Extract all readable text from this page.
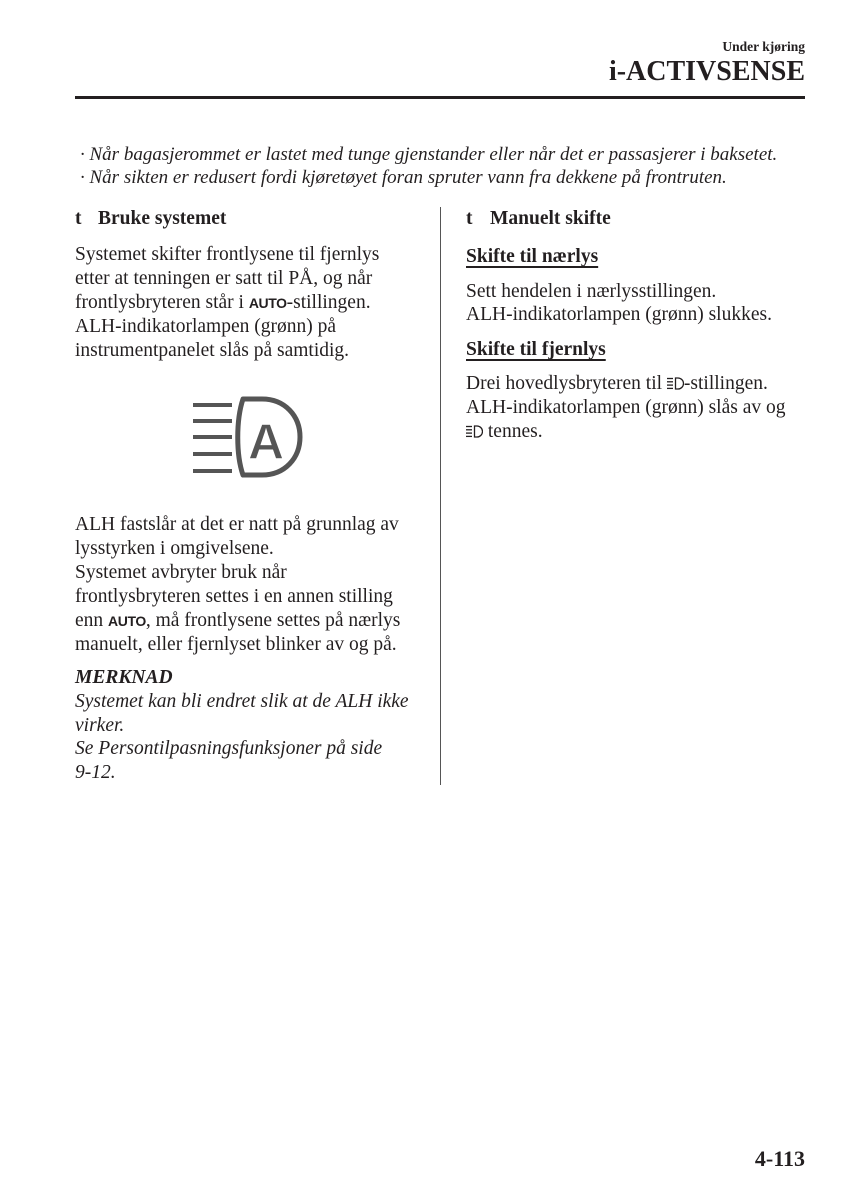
Under kjøring
i-ACTIVSENSE
· Når bagasjerommet er lastet med tunge gjenstander eller når det er passasjerer i baksetet.
· Når sikten er redusert fordi kjøretøyet foran spruter vann fra dekkene på frontruten.
t Bruke systemet
Systemet skifter frontlysene til fjernlys
etter at tenningen er satt til PÅ, og når
frontlysbryteren står i AUTO-stillingen.
ALH-indikatorlampen (grønn) på
instrumentpanelet slås på samtidig.
A
ALH fastslår at det er natt på grunnlag av
lysstyrken i omgivelsene.
Systemet avbryter bruk når
frontlysbryteren settes i en annen stilling
enn AUTO, må frontlysene settes på nærlys
manuelt, eller fjernlyset blinker av og på.
MERKNAD
Systemet kan bli endret slik at de ALH ikke
virker.
Se Persontilpasningsfunksjoner på side
9-12.
t Manuelt skifte
Skifte til nærlys
Sett hendelen i nærlysstillingen.
ALH-indikatorlampen (grønn) slukkes.
Skifte til fjernlys
Drei hovedlysbryteren til -stillingen.
ALH-indikatorlampen (grønn) slås av og
tennes.
4-113
